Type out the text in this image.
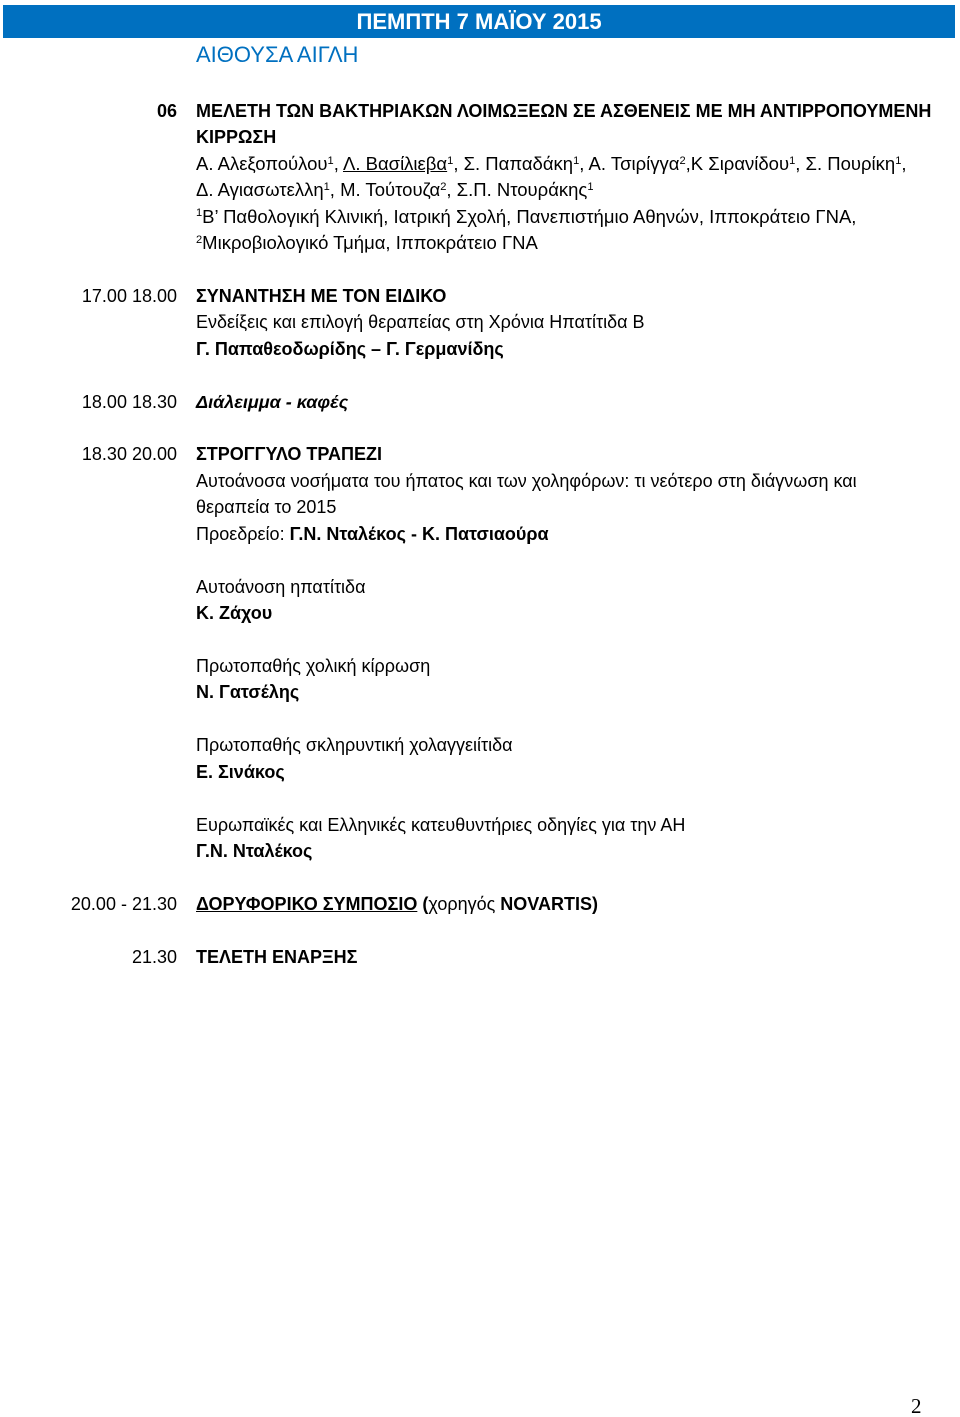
ΠΕΜΠΤΗ 7 ΜΑΪΟΥ 2015
ΑΙΘΟΥΣΑ ΑΙΓΛΗ
06 ΜΕΛΕΤΗ ΤΩΝ ΒΑΚΤΗΡΙΑΚΩΝ ΛΟΙΜΩΞΕΩΝ ΣΕ ΑΣΘΕΝΕΙΣ ΜΕ ΜΗ ΑΝΤΙΡΡΟΠΟΥΜΕΝΗ
ΚΙΡΡΩΣΗ
Α. Αλεξοπούλου$^1$, Λ. Βασίλιεβα$^1$, Σ. Παπαδάκη$^1$, Α. Τσιρίγγα$^2$,Κ Σιρανίδου$^1$, Σ. Πουρίκη$^1$,
Δ. Αγιασωτελλη$^1$, Μ. Τούτουζα$^2$, Σ.Π. Ντουράκης$^1$
$^1$Β’ Παθολογική Κλινική, Ιατρική Σχολή, Πανεπιστήμιο Αθηνών, Ιπποκράτειο ΓΝΑ,
$^2$Μικροβιολογικό Τμήμα, Ιπποκράτειο ΓΝΑ
17.00 18.00 ΣΥΝΑΝΤΗΣΗ ΜΕ ΤΟΝ ΕΙΔΙΚΟ
Ενδείξεις και επιλογή θεραπείας στη Χρόνια Ηπατίτιδα Β
Γ. Παπαθεοδωρίδης – Γ. Γερμανίδης
18.00 18.30 Διάλειμμα - καφές
18.30 20.00 ΣΤΡΟΓΓΥΛΟ ΤΡΑΠΕΖΙ
Αυτοάνοσα νοσήματα του ήπατος και των χοληφόρων: τι νεότερο στη διάγνωση και
θεραπεία το 2015
Προεδρείο: Γ.Ν. Νταλέκος - Κ. Πατσιαούρα
Αυτοάνοση ηπατίτιδα
Κ. Ζάχου
Πρωτοπαθής χολική κίρρωση
Ν. Γατσέλης
Πρωτοπαθής σκληρυντική χολαγγειίτιδα
Ε. Σινάκος
Ευρωπαϊκές και Ελληνικές κατευθυντήριες οδηγίες για την ΑΗ
Γ.Ν. Νταλέκος
20.00 - 21.30 ΔΟΡΥΦΟΡΙΚΟ ΣΥΜΠΟΣΙΟ (χορηγός NOVARTIS)
21.30 ΤΕΛΕΤΗ ΕΝΑΡΞΗΣ
2
